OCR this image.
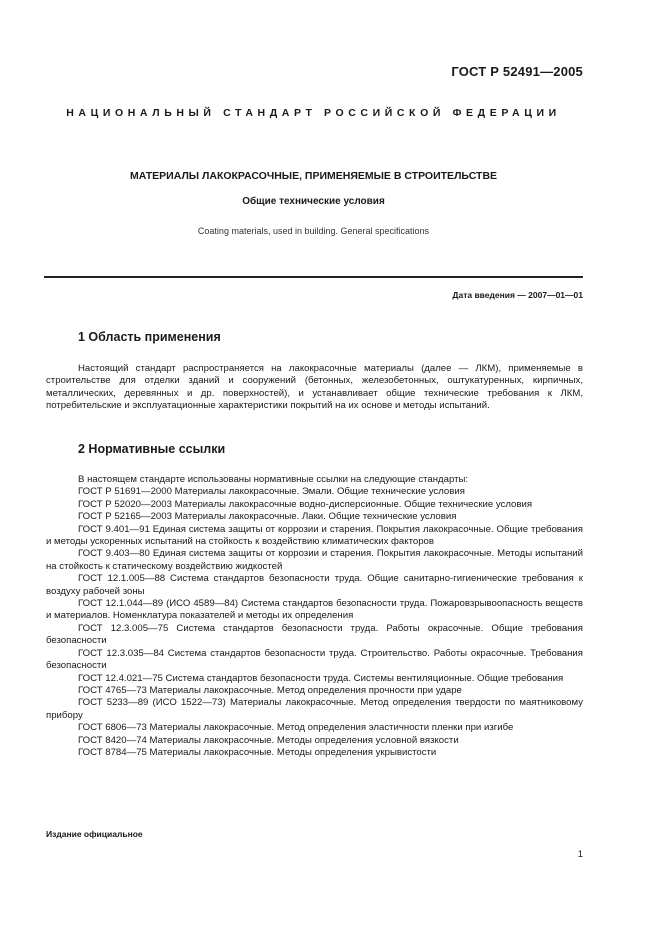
ГОСТ Р 52491—2005
НАЦИОНАЛЬНЫЙ СТАНДАРТ РОССИЙСКОЙ ФЕДЕРАЦИИ
МАТЕРИАЛЫ ЛАКОКРАСОЧНЫЕ, ПРИМЕНЯЕМЫЕ В СТРОИТЕЛЬСТВЕ
Общие технические условия
Coating materials, used in building. General specifications
Дата введения — 2007—01—01
1 Область применения
Настоящий стандарт распространяется на лакокрасочные материалы (далее — ЛКМ), применяемые в строительстве для отделки зданий и сооружений (бетонных, железобетонных, оштукатуренных, кирпичных, металлических, деревянных и др. поверхностей), и устанавливает общие технические требования к ЛКМ, потребительские и эксплуатационные характеристики покрытий на их основе и методы испытаний.
2 Нормативные ссылки

В настоящем стандарте использованы нормативные ссылки на следующие стандарты:

ГОСТ Р 51691—2000 Материалы лакокрасочные. Эмали. Общие технические условия

ГОСТ Р 52020—2003 Материалы лакокрасочные водно-дисперсионные. Общие технические условия

ГОСТ Р 52165—2003 Материалы лакокрасочные. Лаки. Общие технические условия

ГОСТ 9.401—91 Единая система защиты от коррозии и старения. Покрытия лакокрасочные. Общие требования и методы ускоренных испытаний на стойкость к воздействию климатических факторов

ГОСТ 9.403—80 Единая система защиты от коррозии и старения. Покрытия лакокрасочные. Методы испытаний на стойкость к статическому воздействию жидкостей

ГОСТ 12.1.005—88 Система стандартов безопасности труда. Общие санитарно-гигиенические требования к воздуху рабочей зоны

ГОСТ 12.1.044—89 (ИСО 4589—84) Система стандартов безопасности труда. Пожаровзрывоопасность веществ и материалов. Номенклатура показателей и методы их определения

ГОСТ 12.3.005—75 Система стандартов безопасности труда. Работы окрасочные. Общие требования безопасности

ГОСТ 12.3.035—84 Система стандартов безопасности труда. Строительство. Работы окрасочные. Требования безопасности

ГОСТ 12.4.021—75 Система стандартов безопасности труда. Системы вентиляционные. Общие требования

ГОСТ 4765—73 Материалы лакокрасочные. Метод определения прочности при ударе

ГОСТ 5233—89 (ИСО 1522—73) Материалы лакокрасочные. Метод определения твердости по маятниковому прибору

ГОСТ 6806—73 Материалы лакокрасочные. Метод определения эластичности пленки при изгибе

ГОСТ 8420—74 Материалы лакокрасочные. Методы определения условной вязкости

ГОСТ 8784—75 Материалы лакокрасочные. Методы определения укрывистости

Издание официальное
1
